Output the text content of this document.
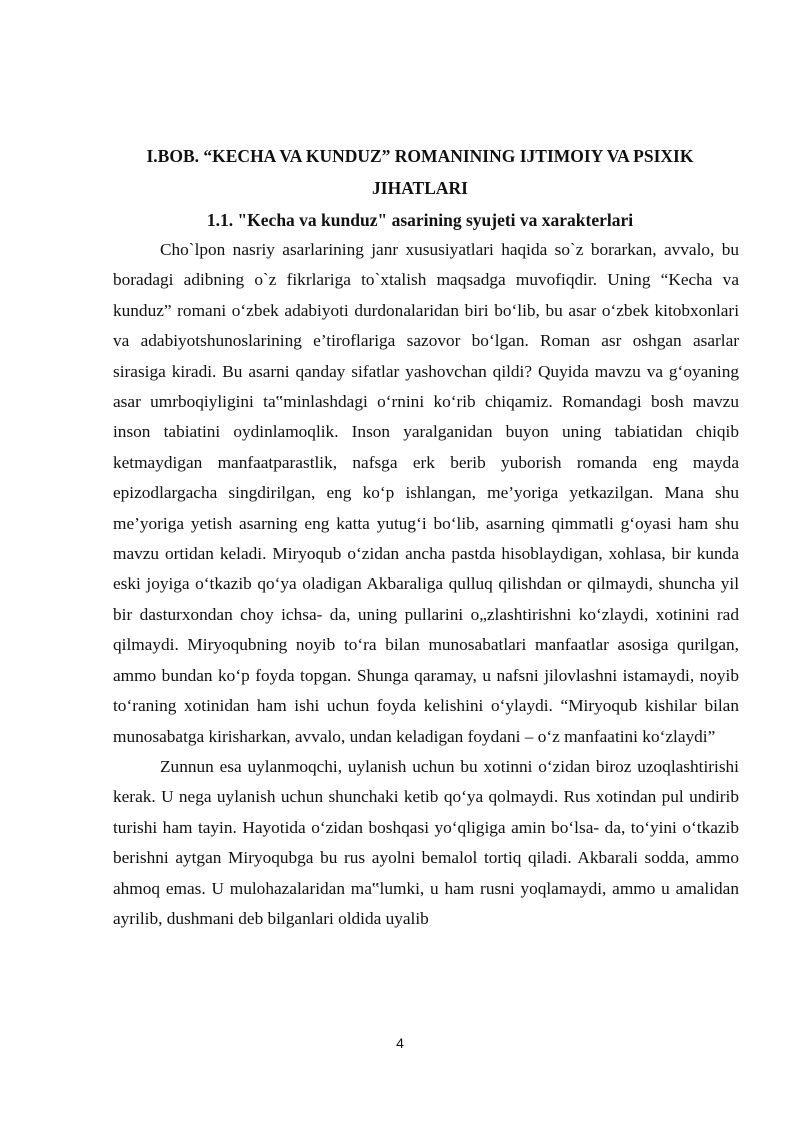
I.BOB. “KECHA VA KUNDUZ” ROMANINING IJTIMOIY VA PSIXIK JIHATLARI
1.1. "Kecha va kunduz" asarining syujeti va xarakterlari

Cho`lpon nasriy asarlarining janr xususiyatlari haqida so`z borarkan, avvalo, bu boradagi adibning o`z fikrlariga to`xtalish maqsadga muvofiqdir. Uning “Kecha va kunduz” romani o‘zbek adabiyoti durdonalaridan biri bo‘lib, bu asar o‘zbek kitobxonlari va adabiyotshunoslarining e’tiroflariga sazovor bo‘lgan. Roman asr oshgan asarlar sirasiga kiradi. Bu asarni qanday sifatlar yashovchan qildi? Quyida mavzu va g‘oyaning asar umrboqiyligini ta‟minlashdagi o‘rnini ko‘rib chiqamiz. Romandagi bosh mavzu inson tabiatini oydinlamoqlik. Inson yaralganidan buyon uning tabiatidan chiqib ketmaydigan manfaatparastlik, nafsga erk berib yuborish romanda eng mayda epizodlargacha singdirilgan, eng ko‘p ishlangan, me’yoriga yetkazilgan. Mana shu me’yoriga yetish asarning eng katta yutug‘i bo‘lib, asarning qimmatli g‘oyasi ham shu mavzu ortidan keladi. Miryoqub o‘zidan ancha pastda hisoblaydigan, xohlasa, bir kunda eski joyiga o‘tkazib qo‘ya oladigan Akbaraliga qulluq qilishdan or qilmaydi, shuncha yil bir dasturxondan choy ichsa- da, uning pullarini o„zlashtirishni ko‘zlaydi, xotinini rad qilmaydi. Miryoqubning noyib to‘ra bilan munosabatlari manfaatlar asosiga qurilgan, ammo bundan ko‘p foyda topgan. Shunga qaramay, u nafsni jilovlashni istamaydi, noyib to‘raning xotinidan ham ishi uchun foyda kelishini o‘ylaydi. “Miryoqub kishilar bilan munosabatga kirisharkan, avvalo, undan keladigan foydani – o‘z manfaatini ko‘zlaydi”

Zunnun esa uylanmoqchi, uylanish uchun bu xotinni o‘zidan biroz uzoqlashtirishi kerak. U nega uylanish uchun shunchaki ketib qo‘ya qolmaydi. Rus xotindan pul undirib turishi ham tayin. Hayotida o‘zidan boshqasi yo‘qligiga amin bo‘lsa- da, to‘yini o‘tkazib berishni aytgan Miryoqubga bu rus ayolni bemalol tortiq qiladi. Akbarali sodda, ammo ahmoq emas. U mulohazalaridan ma‟lumki, u ham rusni yoqlamaydi, ammo u amalidan ayrilib, dushmani deb bilganlari oldida uyalib

4
